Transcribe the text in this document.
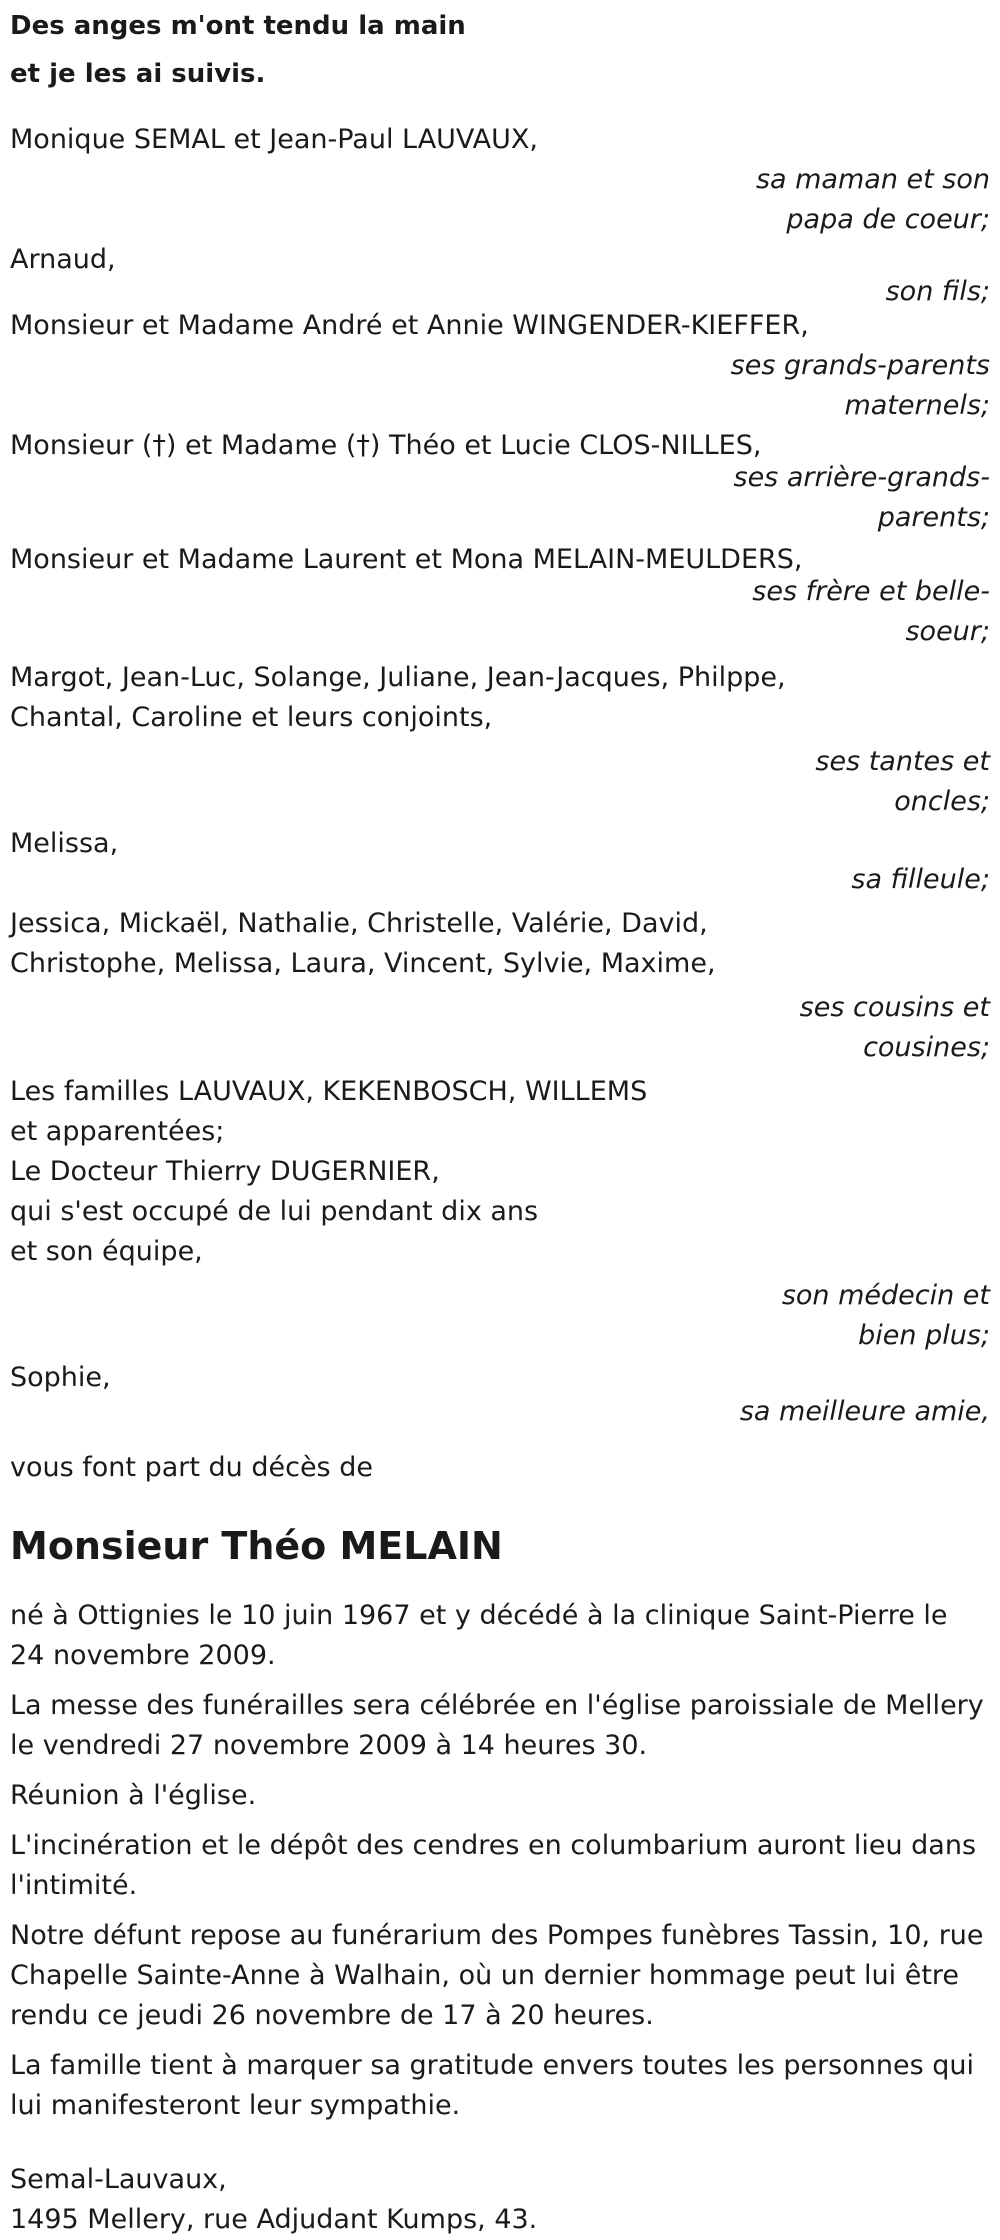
Des anges m'ont tendu la main
et je les ai suivis.
Monique SEMAL et Jean-Paul LAUVAUX,
sa maman et son
papa de coeur;
Arnaud,
son fils;
Monsieur et Madame André et Annie WINGENDER-KIEFFER,
ses grands-parents
maternels;
Monsieur (†) et Madame (†) Théo et Lucie CLOS-NILLES,
ses arrière-grands-
parents;
Monsieur et Madame Laurent et Mona MELAIN-MEULDERS,
ses frère et belle-
soeur;
Margot, Jean-Luc, Solange, Juliane, Jean-Jacques, Philppe,
Chantal, Caroline et leurs conjoints,
ses tantes et
oncles;
Melissa,
sa filleule;
Jessica, Mickaël, Nathalie, Christelle, Valérie, David,
Christophe, Melissa, Laura, Vincent, Sylvie, Maxime,
ses cousins et
cousines;
Les familles LAUVAUX, KEKENBOSCH, WILLEMS
et apparentées;
Le Docteur Thierry DUGERNIER,
qui s'est occupé de lui pendant dix ans
et son équipe,
son médecin et
bien plus;
Sophie,
sa meilleure amie,
vous font part du décès de
Monsieur Théo MELAIN

né à Ottignies le 10 juin 1967 et y décédé à la clinique Saint-Pierre le 24 novembre 2009.

La messe des funérailles sera célébrée en l'église paroissiale de Mellery le vendredi 27 novembre 2009 à 14 heures 30.

Réunion à l'église.

L'incinération et le dépôt des cendres en columbarium auront lieu dans l'intimité.

Notre défunt repose au funérarium des Pompes funèbres Tassin, 10, rue Chapelle Sainte-Anne à Walhain, où un dernier hommage peut lui être rendu ce jeudi 26 novembre de 17 à 20 heures.

La famille tient à marquer sa gratitude envers toutes les personnes qui lui manifesteront leur sympathie.

Semal-Lauvaux,
1495 Mellery, rue Adjudant Kumps, 43.
